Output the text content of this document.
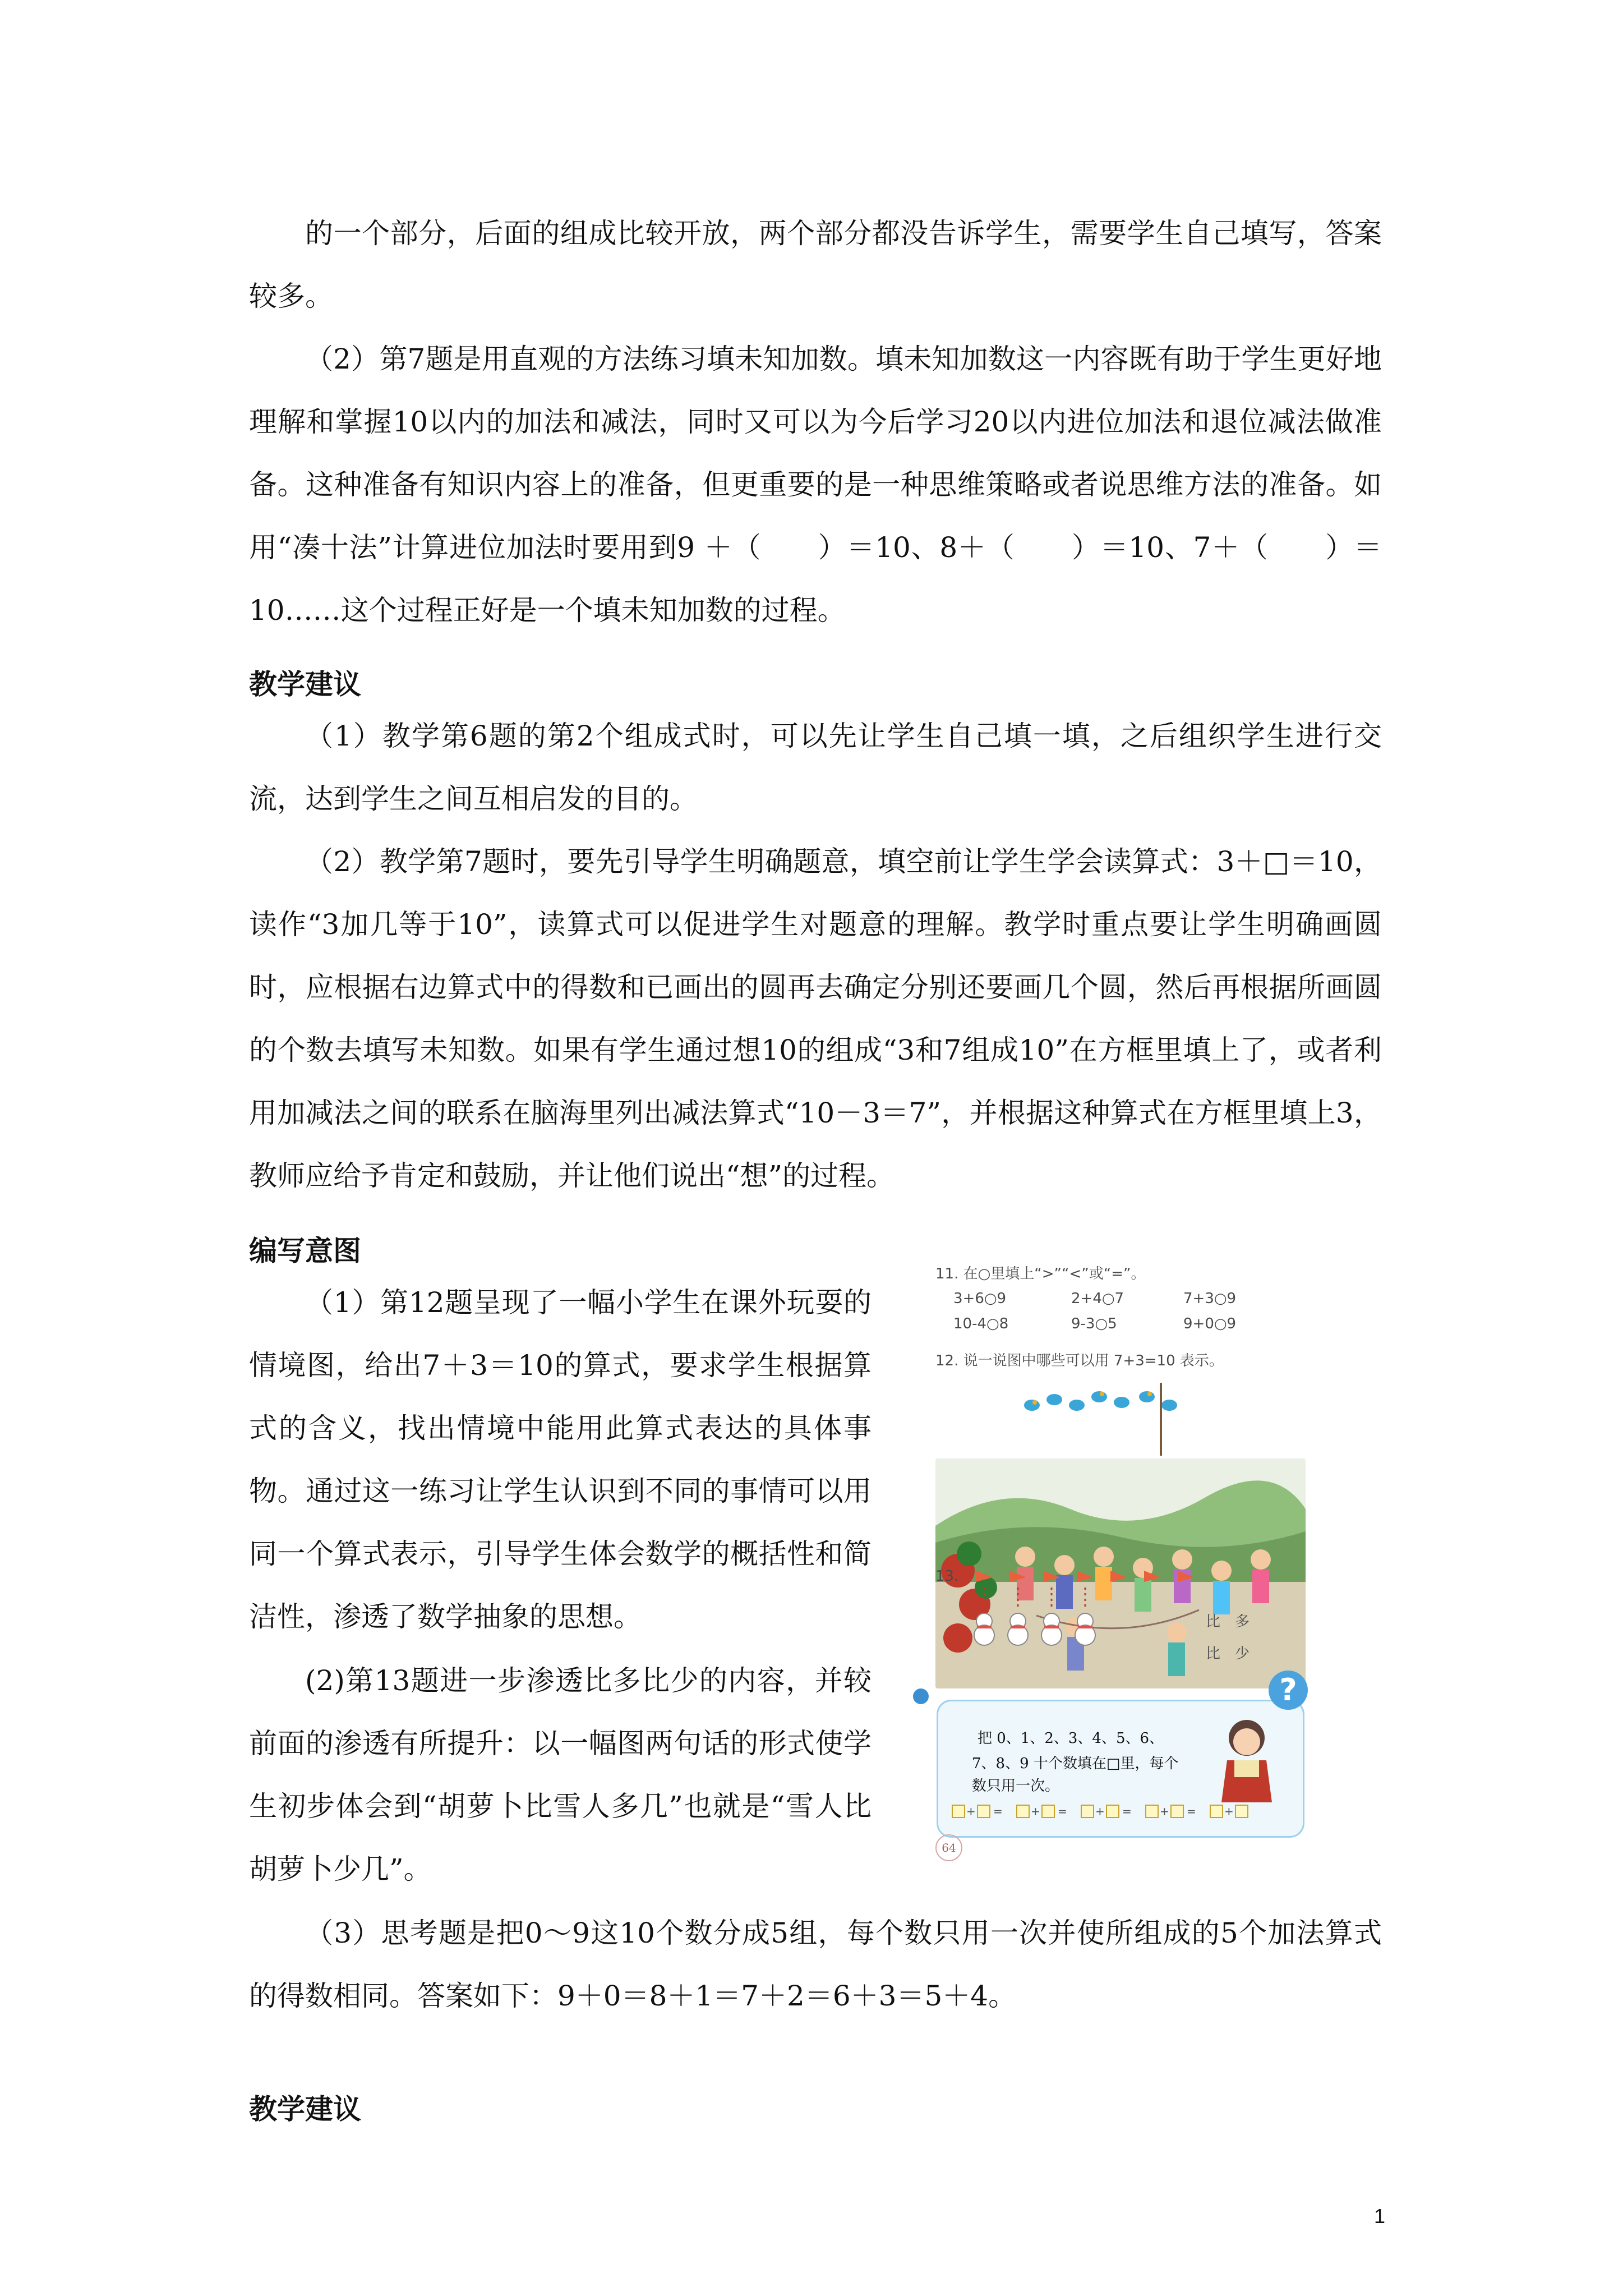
的一个部分，后面的组成比较开放，两个部分都没告诉学生，需要学生自己填写，答案较多。

（2）第7题是用直观的方法练习填未知加数。填未知加数这一内容既有助于学生更好地理解和掌握10以内的加法和减法，同时又可以为今后学习20以内进位加法和退位减法做准备。这种准备有知识内容上的准备，但更重要的是一种思维策略或者说思维方法的准备。如用“凑十法”计算进位加法时要用到9 ＋（　　）＝10、8＋（　　）＝10、7＋（　　）＝10……这个过程正好是一个填未知加数的过程。

教学建议

（1）教学第6题的第2个组成式时，可以先让学生自己填一填，之后组织学生进行交流，达到学生之间互相启发的目的。

（2）教学第7题时，要先引导学生明确题意，填空前让学生学会读算式：3＋□＝10，读作“3加几等于10”，读算式可以促进学生对题意的理解。教学时重点要让学生明确画圆时，应根据右边算式中的得数和已画出的圆再去确定分别还要画几个圆，然后再根据所画圆的个数去填写未知数。如果有学生通过想10的组成“3和7组成10”在方框里填上了，或者利用加减法之间的联系在脑海里列出减法算式“10－3＝7”，并根据这种算式在方框里填上3，教师应给予肯定和鼓励，并让他们说出“想”的过程。

编写意图

（1）第12题呈现了一幅小学生在课外玩耍的情境图，给出7＋3＝10的算式，要求学生根据算式的含义，找出情境中能用此算式表达的具体事物。通过这一练习让学生认识到不同的事情可以用同一个算式表示，引导学生体会数学的概括性和简洁性，渗透了数学抽象的思想。

(2)第13题进一步渗透比多比少的内容，并较前面的渗透有所提升：以一幅图两句话的形式使学生初步体会到“胡萝卜比雪人多几”也就是“雪人比胡萝卜少几”。

（3）思考题是把0～9这10个数分成5组，每个数只用一次并使所组成的5个加法算式的得数相同。答案如下：9＋0＝8＋1＝7＋2＝6＋3＝5＋4。

教学建议
11. 在○里填上“>”“<”或“=”。
3+6○9	2+4○7	7+3○9
10-4○8	9-3○5	9+0○9
12. 说一说图中哪些可以用 7+3=10 表示。
13.
比　多
比　少
把 0、1、2、3、4、5、6、
7、8、9 十个数填在□里，每个
数只用一次。
+ =	+ =	+ =	+ =	+
?
64
1
